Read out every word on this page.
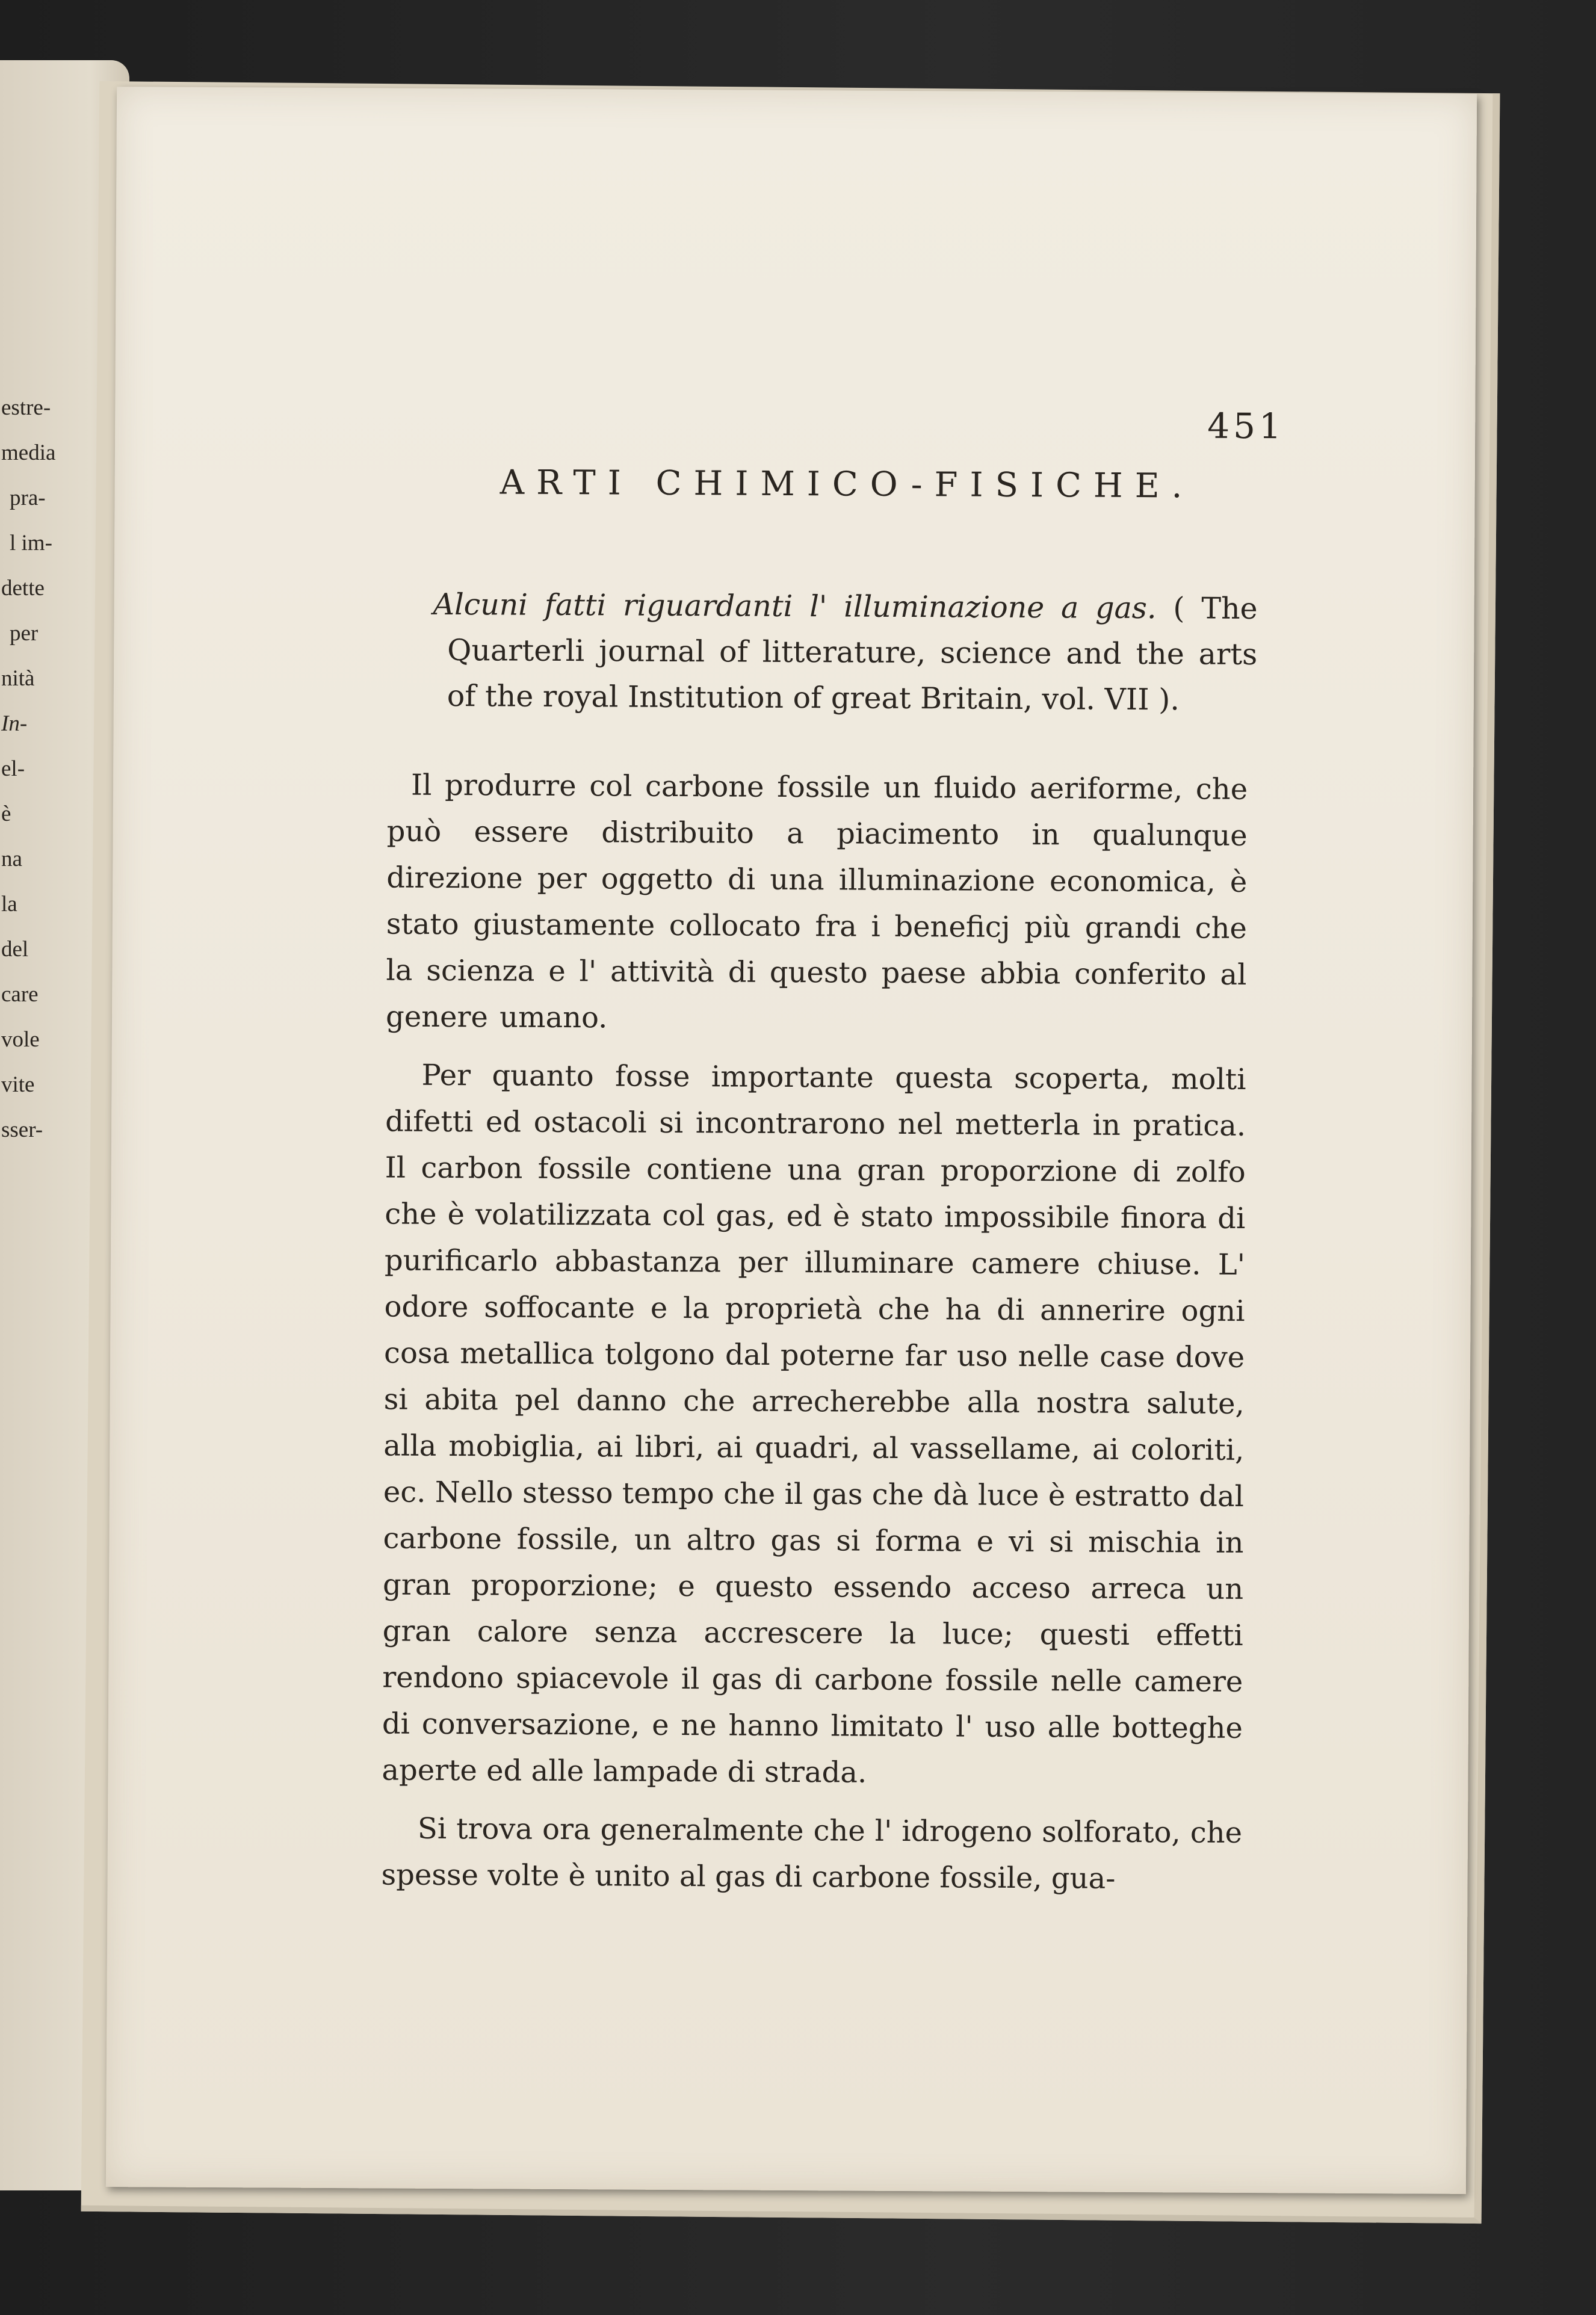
estre-
media
pra-
l im-
dette
per
nità
In-
el-
è
na
la
del
care
vole
vite
sser-
451
ARTI CHIMICO-FISICHE.
Alcuni fatti riguardanti l' illuminazione a gas. ( The
Quarterli journal of litterature, science and the arts
of the royal Institution of great Britain, vol. VII ).

Il produrre col carbone fossile un fluido aeriforme, che può essere distribuito a piacimento in qualunque direzione per oggetto di una illuminazione economica, è stato giustamente collocato fra i beneficj più grandi che la scienza e l' attività di questo paese abbia conferito al genere umano.

Per quanto fosse importante questa scoperta, molti difetti ed ostacoli si incontrarono nel metterla in pratica. Il carbon fossile contiene una gran proporzione di zolfo che è volatilizzata col gas, ed è stato impossibile finora di purificarlo abbastanza per illuminare camere chiuse. L' odore soffocante e la proprietà che ha di annerire ogni cosa metallica tolgono dal poterne far uso nelle case dove si abita pel danno che arrecherebbe alla nostra salute, alla mobiglia, ai libri, ai quadri, al vassellame, ai coloriti, ec. Nello stesso tempo che il gas che dà luce è estratto dal carbone fossile, un altro gas si forma e vi si mischia in gran proporzione; e questo essendo acceso arreca un gran calore senza accrescere la luce; questi effetti rendono spiacevole il gas di carbone fossile nelle camere di conversazione, e ne hanno limitato l' uso alle botteghe aperte ed alle lampade di strada.

Si trova ora generalmente che l' idrogeno solforato, che spesse volte è unito al gas di carbone fossile, gua-
